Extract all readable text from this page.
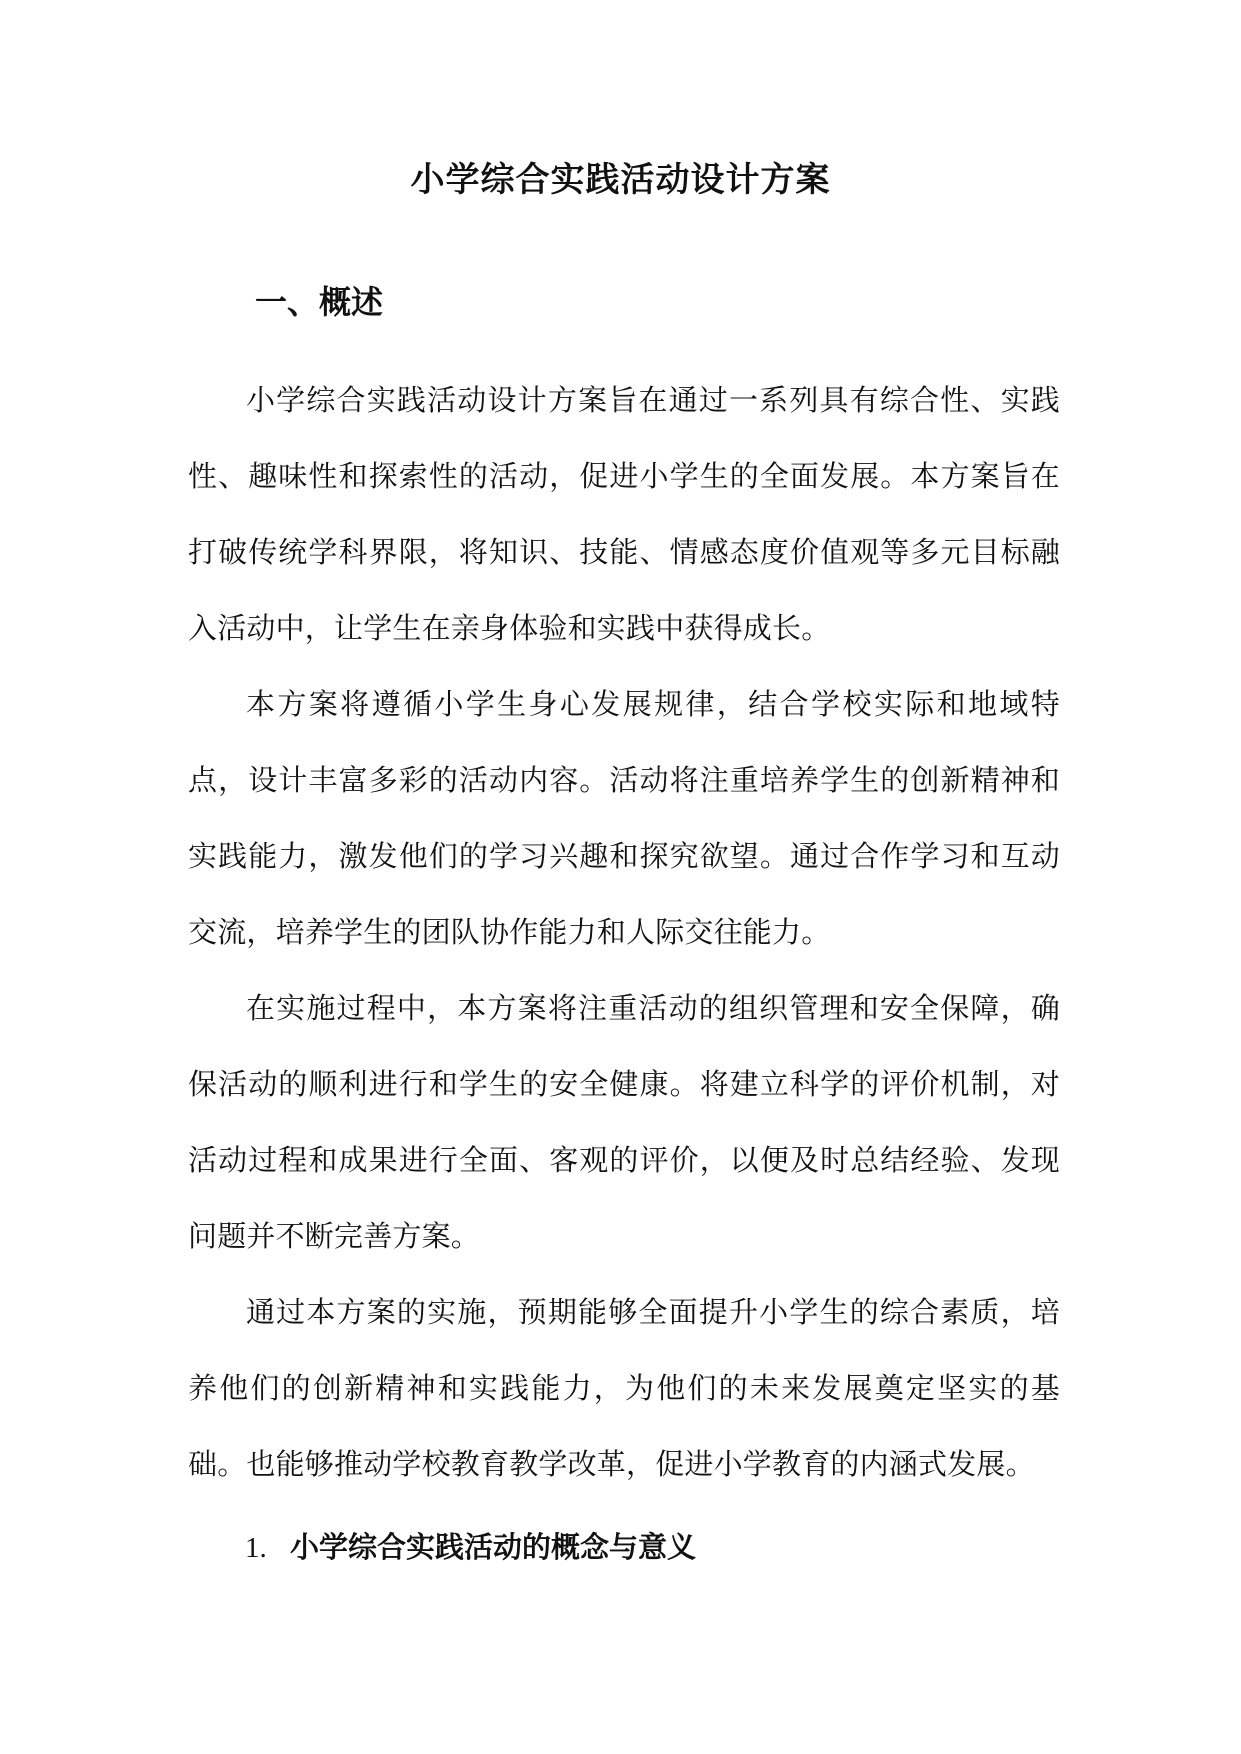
小学综合实践活动设计方案
一、概述

小学综合实践活动设计方案旨在通过一系列具有综合性、实践性、趣味性和探索性的活动，促进小学生的全面发展。本方案旨在打破传统学科界限，将知识、技能、情感态度价值观等多元目标融入活动中，让学生在亲身体验和实践中获得成长。

本方案将遵循小学生身心发展规律，结合学校实际和地域特点，设计丰富多彩的活动内容。活动将注重培养学生的创新精神和实践能力，激发他们的学习兴趣和探究欲望。通过合作学习和互动交流，培养学生的团队协作能力和人际交往能力。

在实施过程中，本方案将注重活动的组织管理和安全保障，确保活动的顺利进行和学生的安全健康。将建立科学的评价机制，对活动过程和成果进行全面、客观的评价，以便及时总结经验、发现问题并不断完善方案。

通过本方案的实施，预期能够全面提升小学生的综合素质，培养他们的创新精神和实践能力，为他们的未来发展奠定坚实的基础。也能够推动学校教育教学改革，促进小学教育的内涵式发展。

1. 小学综合实践活动的概念与意义
